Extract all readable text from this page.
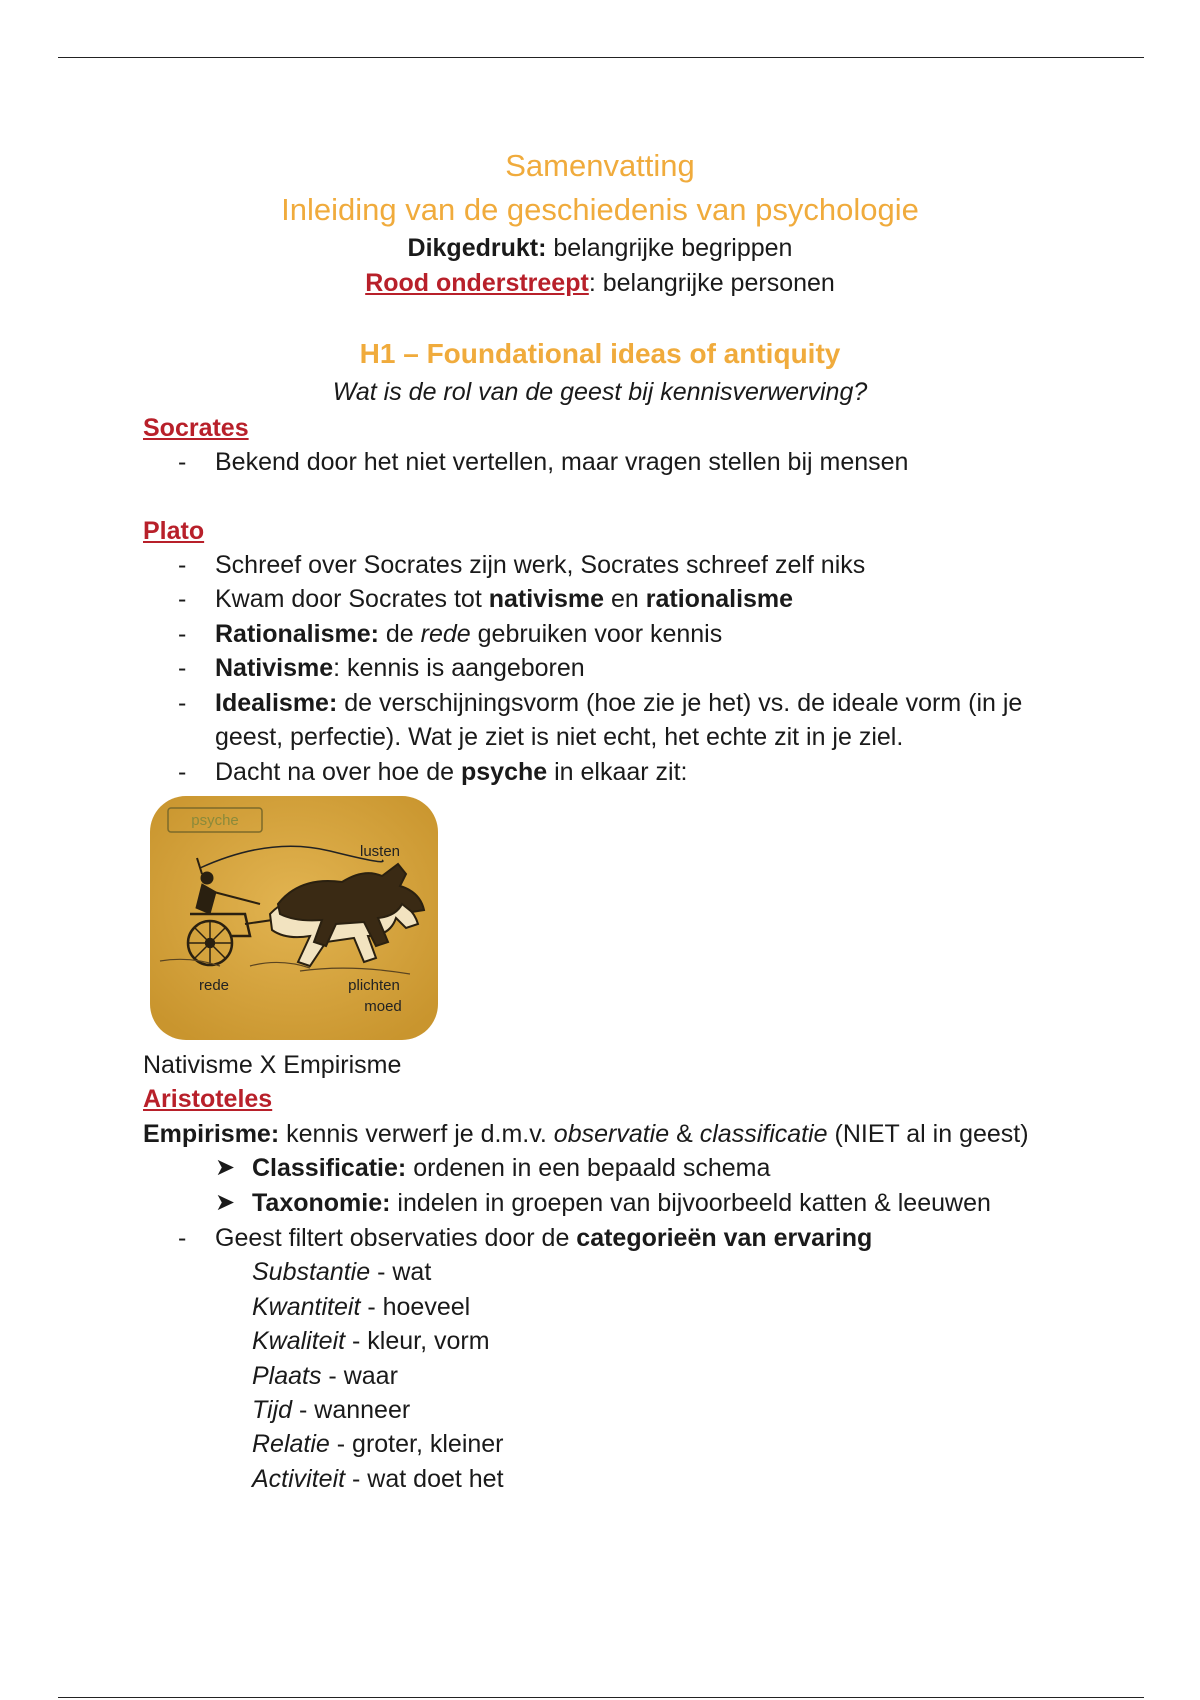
Samenvatting
Inleiding van de geschiedenis van psychologie
Dikgedrukt: belangrijke begrippen
Rood onderstreept: belangrijke personen
H1 – Foundational ideas of antiquity
Wat is de rol van de geest bij kennisverwerving?
Socrates
- Bekend door het niet vertellen, maar vragen stellen bij mensen
Plato
- Schreef over Socrates zijn werk, Socrates schreef zelf niks
- Kwam door Socrates tot nativisme en rationalisme
- Rationalisme: de rede gebruiken voor kennis
- Nativisme: kennis is aangeboren
- Idealisme: de verschijningsvorm (hoe zie je het) vs. de ideale vorm (in je
geest, perfectie). Wat je ziet is niet echt, het echte zit in je ziel.
- Dacht na over hoe de psyche in elkaar zit:
psyche
lusten
rede	plichten
moed
Nativisme X Empirisme
Aristoteles
Empirisme: kennis verwerf je d.m.v. observatie & classificatie (NIET al in geest)
➤ Classificatie: ordenen in een bepaald schema
➤ Taxonomie: indelen in groepen van bijvoorbeeld katten & leeuwen
- Geest filtert observaties door de categorieën van ervaring
Substantie - wat
Kwantiteit - hoeveel
Kwaliteit - kleur, vorm
Plaats - waar
Tijd - wanneer
Relatie - groter, kleiner
Activiteit - wat doet het
